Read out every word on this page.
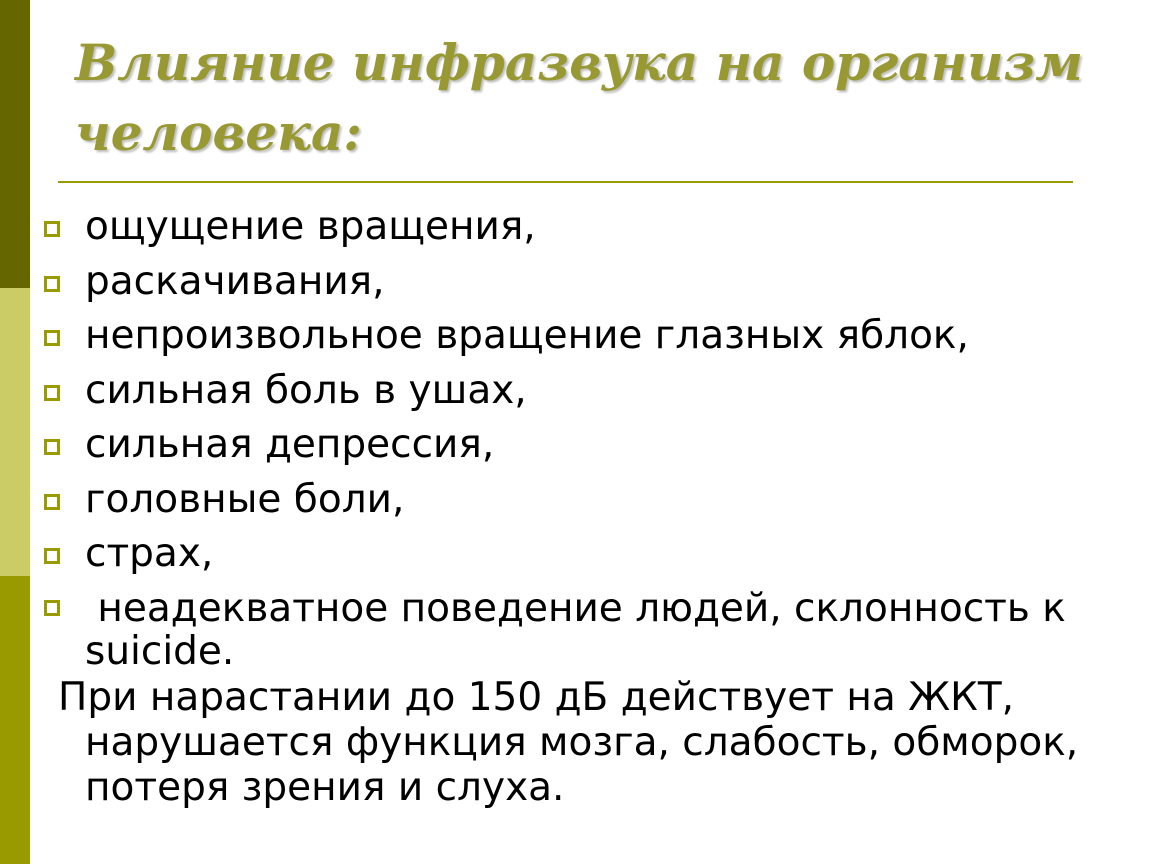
Влияние инфразвука на организм человека:
ощущение вращения,
раскачивания,
непроизвольное вращение глазных яблок,
сильная боль в ушах,
сильная депрессия,
головные боли,
страх,
неадекватное поведение людей, склонность к suicide.

При нарастании до 150 дБ действует на ЖКТ, нарушается функция мозга, слабость, обморок, потеря зрения и слуха.
